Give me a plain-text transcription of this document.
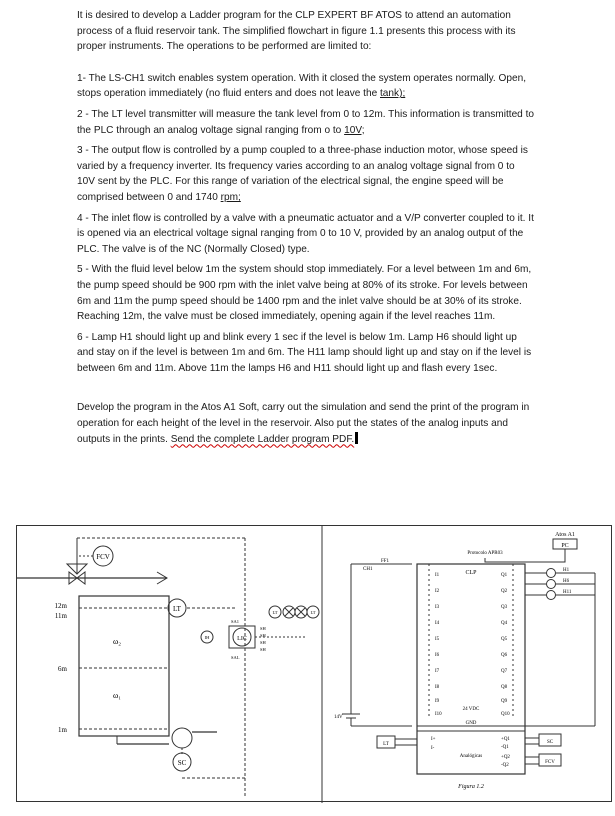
It is desired to develop a Ladder program for the CLP EXPERT BF ATOS to attend an automation process of a fluid reservoir tank. The simplified flowchart in figure 1.1 presents this process with its proper instruments. The operations to be performed are limited to:

1- The LS-CH1 switch enables system operation. With it closed the system operates normally. Open, stops operation immediately (no fluid enters and does not leave the tank);

2 - The LT level transmitter will measure the tank level from 0 to 12m. This information is transmitted to the PLC through an analog voltage signal ranging from o to 10V;

3 - The output flow is controlled by a pump coupled to a three-phase induction motor, whose speed is varied by a frequency inverter. Its frequency varies according to an analog voltage signal from 0 to 10V sent by the PLC. For this range of variation of the electrical signal, the engine speed will be comprised between 0 and 1740 rpm;

4 - The inlet flow is controlled by a valve with a pneumatic actuator and a V/P converter coupled to it. It is opened via an electrical voltage signal ranging from 0 to 10 V, provided by an analog output of the PLC. The valve is of the NC (Normally Closed) type.

5 - With the fluid level below 1m the system should stop immediately. For a level between 1m and 6m, the pump speed should be 900 rpm with the inlet valve being at 80% of its stroke. For levels between 6m and 11m the pump speed should be 1400 rpm and the inlet valve should be at 30% of its stroke. Reaching 12m, the valve must be closed immediately, opening again if the level reaches 11m.

6 - Lamp H1 should light up and blink every 1 sec if the level is below 1m. Lamp H6 should light up and stay on if the level is between 1m and 6m. The H11 lamp should light up and stay on if the level is between 6m and 11m. Above 11m the lamps H6 and H11 should light up and flash every 1sec.

Develop the program in the Atos A1 Soft, carry out the simulation and send the print of the program in operation for each height of the level in the reservoir. Also put the states of the analog inputs and outputs in the prints. Send the complete Ladder program PDF.

FCV
12m
11m
6m
1m
ω₂
ω₁
LT
LIC
IH
SA1
SAL
SH
SH
SH
SH
LT	LT
SC
Atos A1
PC
Protocolo APR03
CH1
FF1
14V
CLP
I1
I2
I3
I4
I5
I6
I7
I8
I9
I10
Q1
Q2
Q3
Q4
Q5
Q6
Q7
Q8
Q9
Q10
24 VDC
GND
H1
H6
H11
Analógicas
I+
I-
+Q1
-Q1
+Q2
-Q2
LT	SC
FCV
Figura 1.2
